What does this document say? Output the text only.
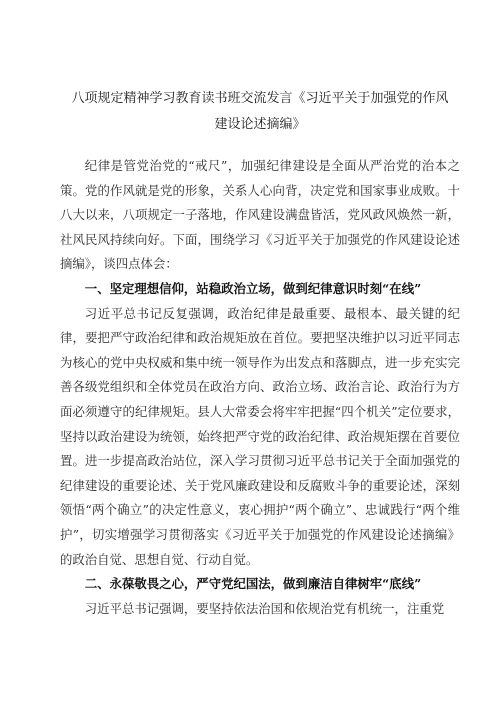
八项规定精神学习教育读书班交流发言《习近平关于加强党的作风
建设论述摘编》

纪律是管党治党的“戒尺”，加强纪律建设是全面从严治党的治本之策。党的作风就是党的形象，关系人心向背，决定党和国家事业成败。十八大以来，八项规定一子落地，作风建设满盘皆活，党风政风焕然一新，社风民风持续向好。下面，围绕学习《习近平关于加强党的作风建设论述摘编》，谈四点体会：

一、坚定理想信仰，站稳政治立场，做到纪律意识时刻“在线”

习近平总书记反复强调，政治纪律是最重要、最根本、最关键的纪律，要把严守政治纪律和政治规矩放在首位。要把坚决维护以习近平同志为核心的党中央权威和集中统一领导作为出发点和落脚点，进一步充实完善各级党组织和全体党员在政治方向、政治立场、政治言论、政治行为方面必须遵守的纪律规矩。县人大常委会将牢牢把握“四个机关”定位要求，坚持以政治建设为统领，始终把严守党的政治纪律、政治规矩摆在首要位置。进一步提高政治站位，深入学习贯彻习近平总书记关于全面加强党的纪律建设的重要论述、关于党风廉政建设和反腐败斗争的重要论述，深刻领悟“两个确立”的决定性意义，衷心拥护“两个确立”、忠诚践行“两个维护”，切实增强学习贯彻落实《习近平关于加强党的作风建设论述摘编》的政治自觉、思想自觉、行动自觉。

二、永葆敬畏之心，严守党纪国法，做到廉洁自律树牢“底线”

习近平总书记强调，要坚持依法治国和依规治党有机统一，注重党
